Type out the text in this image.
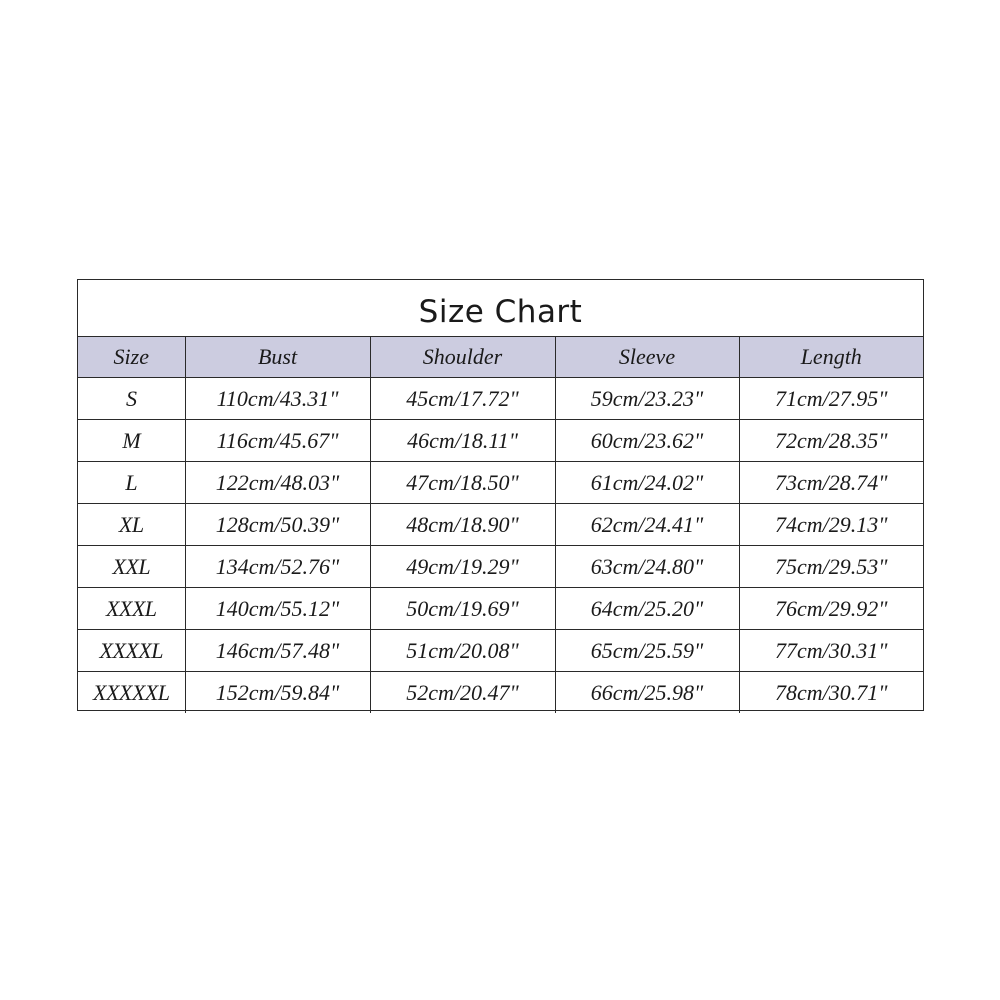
Size Chart
Size	Bust	Shoulder	Sleeve	Length
S	110cm/43.31"	45cm/17.72"	59cm/23.23"	71cm/27.95"
M	116cm/45.67"	46cm/18.11"	60cm/23.62"	72cm/28.35"
L	122cm/48.03"	47cm/18.50"	61cm/24.02"	73cm/28.74"
XL	128cm/50.39"	48cm/18.90"	62cm/24.41"	74cm/29.13"
XXL	134cm/52.76"	49cm/19.29"	63cm/24.80"	75cm/29.53"
XXXL	140cm/55.12"	50cm/19.69"	64cm/25.20"	76cm/29.92"
XXXXL	146cm/57.48"	51cm/20.08"	65cm/25.59"	77cm/30.31"
XXXXXL	152cm/59.84"	52cm/20.47"	66cm/25.98"	78cm/30.71"
